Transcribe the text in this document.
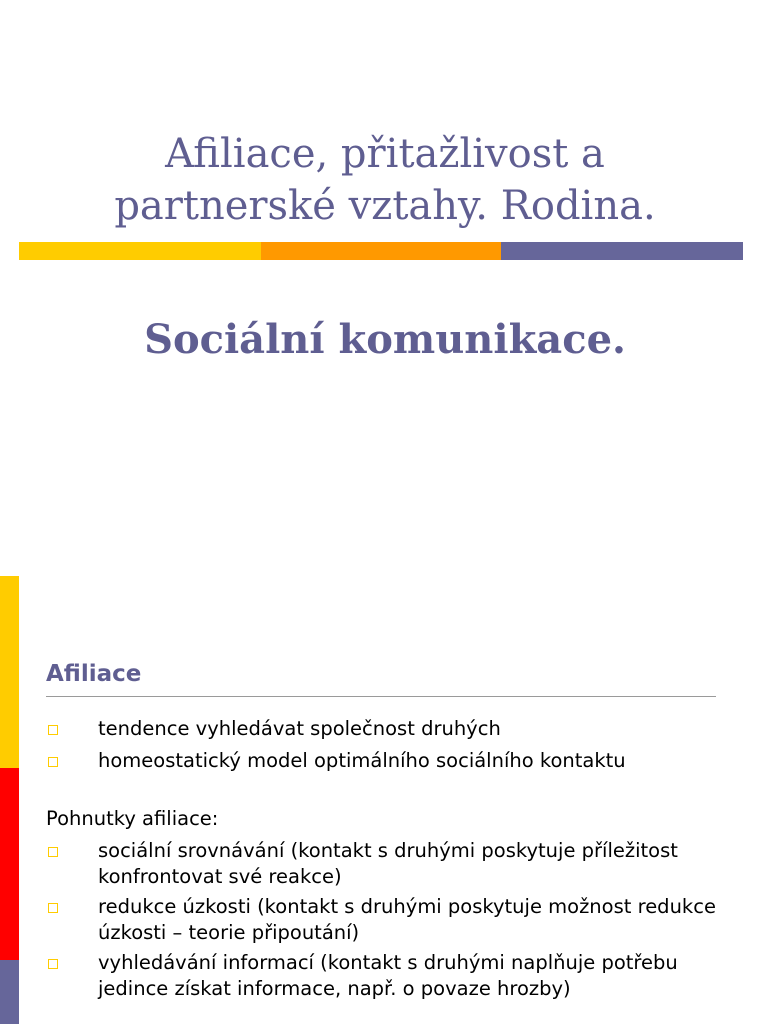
Afiliace, přitažlivost a
partnerské vztahy. Rodina.
Sociální komunikace.
Afiliace
tendence vyhledávat společnost druhých
homeostatický model optimálního sociálního kontaktu

Pohnutky afiliace:

sociální srovnávání (kontakt s druhými poskytuje příležitost konfrontovat své reakce)
redukce úzkosti (kontakt s druhými poskytuje možnost redukce úzkosti – teorie připoutání)
vyhledávání informací (kontakt s druhými naplňuje potřebu jedince získat informace, např. o povaze hrozby)
